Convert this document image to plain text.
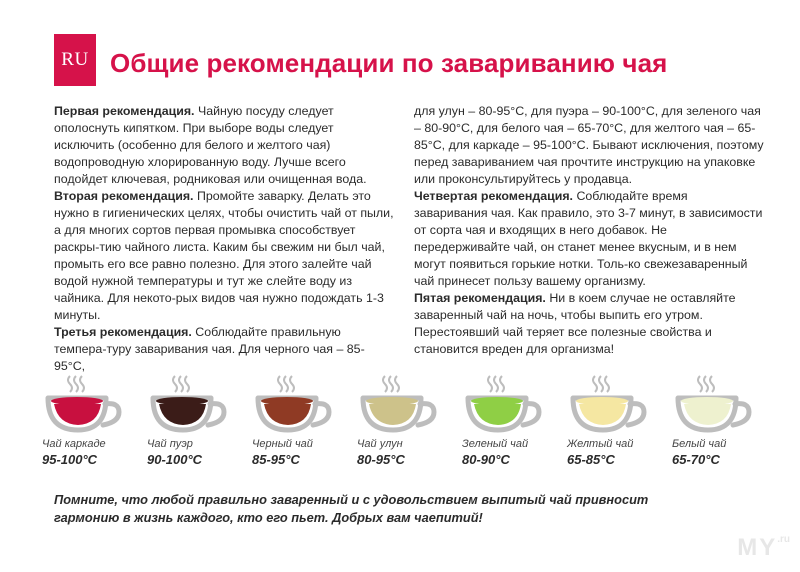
RU Общие рекомендации по завариванию чая

Первая рекомендация. Чайную посуду следует ополоснуть кипятком. При выборе воды следует исключить (особенно для белого и желтого чая) водопроводную хлорированную воду. Лучше всего подойдет ключевая, родниковая или очищенная вода.

Вторая рекомендация. Промойте заварку. Делать это нужно в гигиенических целях, чтобы очистить чай от пыли, а для многих сортов первая промывка способствует раскры-тию чайного листа. Каким бы свежим ни был чай, промыть его все равно полезно. Для этого залейте чай водой нужной температуры и тут же слейте воду из чайника. Для некото-рых видов чая нужно подождать 1-3 минуты.

Третья рекомендация. Соблюдайте правильную темпера-туру заваривания чая. Для черного чая – 85-95°C,

для улун – 80-95°C, для пуэра – 90-100°C, для зеленого чая – 80-90°C, для белого чая – 65-70°C, для желтого чая – 65-85°C, для каркаде – 95-100°C. Бывают исключения, поэтому перед завариванием чая прочтите инструкцию на упаковке или проконсультируйтесь у продавца.

Четвертая рекомендация. Соблюдайте время заваривания чая. Как правило, это 3-7 минут, в зависимости от сорта чая и входящих в него добавок. Не передерживайте чай, он станет менее вкусным, и в нем могут появиться горькие нотки. Толь-ко свежезаваренный чай принесет пользу вашему организму.

Пятая рекомендация. Ни в коем случае не оставляйте заваренный чай на ночь, чтобы выпить его утром. Перестоявший чай теряет все полезные свойства и становится вреден для организма!

Чай каркаде
95-100°C
Чай пуэр
90-100°C
Черный чай
85-95°C
Чай улун
80-95°C
Зеленый чай
80-90°C
Желтый чай
65-85°C
Белый чай
65-70°C
Помните, что любой правильно заваренный и с удовольствием выпитый чай привносит гармонию в жизнь каждого, кто его пьет. Добрых вам чаепитий!
$MY^{.ru}$
